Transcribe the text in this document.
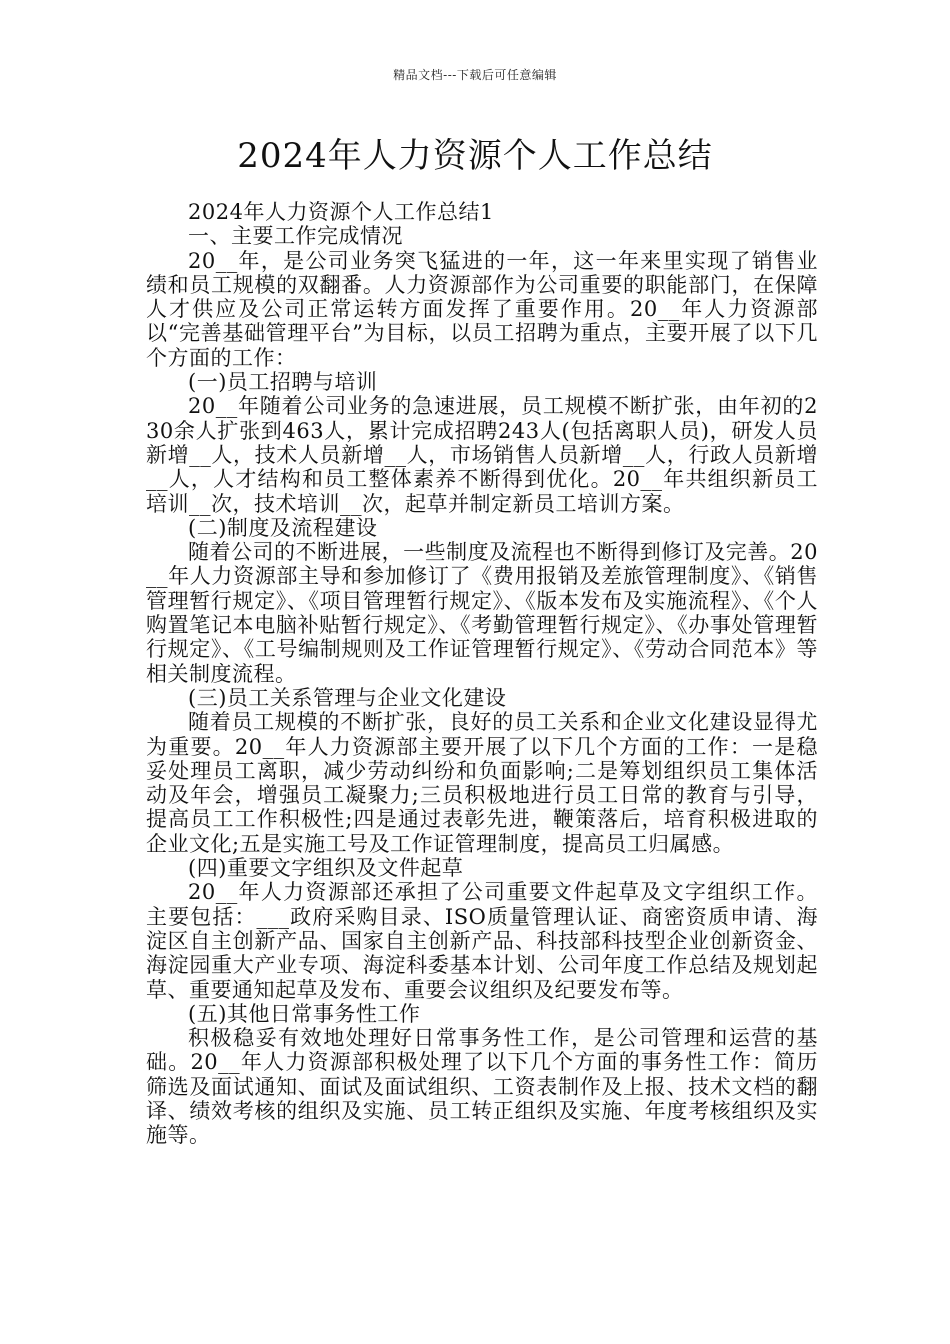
精品文档---下载后可任意编辑
2024年人力资源个人工作总结

2024年人力资源个人工作总结1

一、主要工作完成情况

20__年，是公司业务突飞猛进的一年，这一年来里实现了销售业绩和员工规模的双翻番。人力资源部作为公司重要的职能部门，在保障人才供应及公司正常运转方面发挥了重要作用。20__年人力资源部以“完善基础管理平台”为目标，以员工招聘为重点，主要开展了以下几个方面的工作：

(一)员工招聘与培训

20__年随着公司业务的急速进展，员工规模不断扩张，由年初的230余人扩张到463人，累计完成招聘243人(包括离职人员)，研发人员新增__人，技术人员新增__人，市场销售人员新增__人，行政人员新增__人，人才结构和员工整体素养不断得到优化。20__年共组织新员工培训__次，技术培训__次，起草并制定新员工培训方案。

(二)制度及流程建设

随着公司的不断进展，一些制度及流程也不断得到修订及完善。20__年人力资源部主导和参加修订了《费用报销及差旅管理制度》、《销售管理暂行规定》、《项目管理暂行规定》、《版本发布及实施流程》、《个人购置笔记本电脑补贴暂行规定》、《考勤管理暂行规定》、《办事处管理暂行规定》、《工号编制规则及工作证管理暂行规定》、《劳动合同范本》等相关制度流程。

(三)员工关系管理与企业文化建设

随着员工规模的不断扩张，良好的员工关系和企业文化建设显得尤为重要。20__年人力资源部主要开展了以下几个方面的工作：一是稳妥处理员工离职，减少劳动纠纷和负面影响;二是筹划组织员工集体活动及年会，增强员工凝聚力;三员积极地进行员工日常的教育与引导，提高员工工作积极性;四是通过表彰先进，鞭策落后，培育积极进取的企业文化;五是实施工号及工作证管理制度，提高员工归属感。

(四)重要文字组织及文件起草

20__年人力资源部还承担了公司重要文件起草及文字组织工作。主要包括：___政府采购目录、ISO质量管理认证、商密资质申请、海淀区自主创新产品、国家自主创新产品、科技部科技型企业创新资金、海淀园重大产业专项、海淀科委基本计划、公司年度工作总结及规划起草、重要通知起草及发布、重要会议组织及纪要发布等。

(五)其他日常事务性工作

积极稳妥有效地处理好日常事务性工作，是公司管理和运营的基础。20__年人力资源部积极处理了以下几个方面的事务性工作：简历筛选及面试通知、面试及面试组织、工资表制作及上报、技术文档的翻译、绩效考核的组织及实施、员工转正组织及实施、年度考核组织及实施等。
